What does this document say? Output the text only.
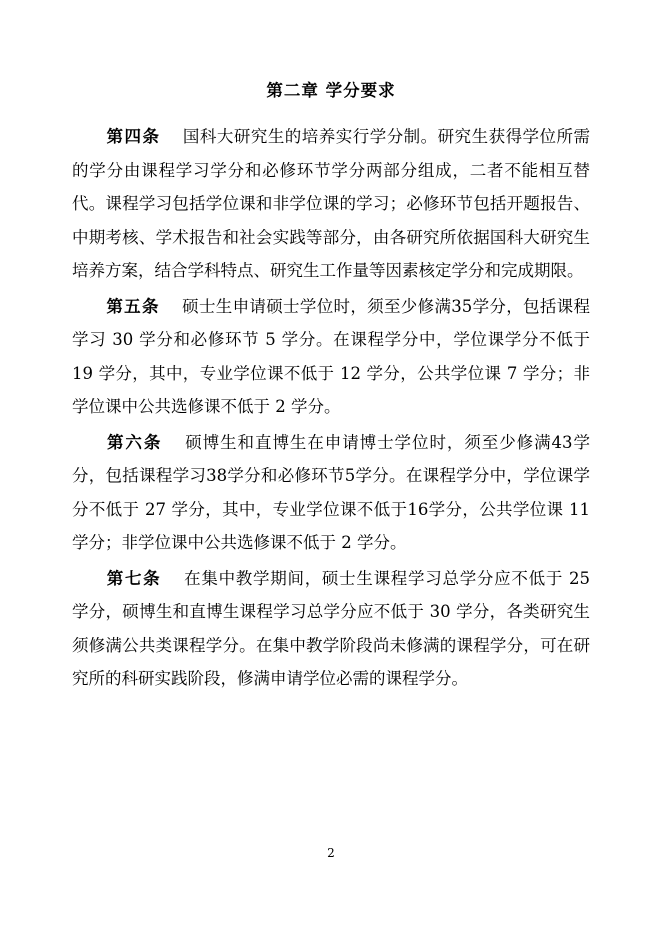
第二章 学分要求

第四条 国科大研究生的培养实行学分制。研究生获得学位所需的学分由课程学习学分和必修环节学分两部分组成，二者不能相互替代。课程学习包括学位课和非学位课的学习；必修环节包括开题报告、中期考核、学术报告和社会实践等部分，由各研究所依据国科大研究生培养方案，结合学科特点、研究生工作量等因素核定学分和完成期限。

第五条 硕士生申请硕士学位时，须至少修满35学分，包括课程学习 30 学分和必修环节 5 学分。在课程学分中，学位课学分不低于 19 学分，其中，专业学位课不低于 12 学分，公共学位课 7 学分；非学位课中公共选修课不低于 2 学分。

第六条 硕博生和直博生在申请博士学位时，须至少修满43学分，包括课程学习38学分和必修环节5学分。在课程学分中，学位课学分不低于 27 学分，其中，专业学位课不低于16学分，公共学位课 11 学分；非学位课中公共选修课不低于 2 学分。

第七条 在集中教学期间，硕士生课程学习总学分应不低于 25 学分，硕博生和直博生课程学习总学分应不低于 30 学分，各类研究生须修满公共类课程学分。在集中教学阶段尚未修满的课程学分，可在研究所的科研实践阶段，修满申请学位必需的课程学分。

2
